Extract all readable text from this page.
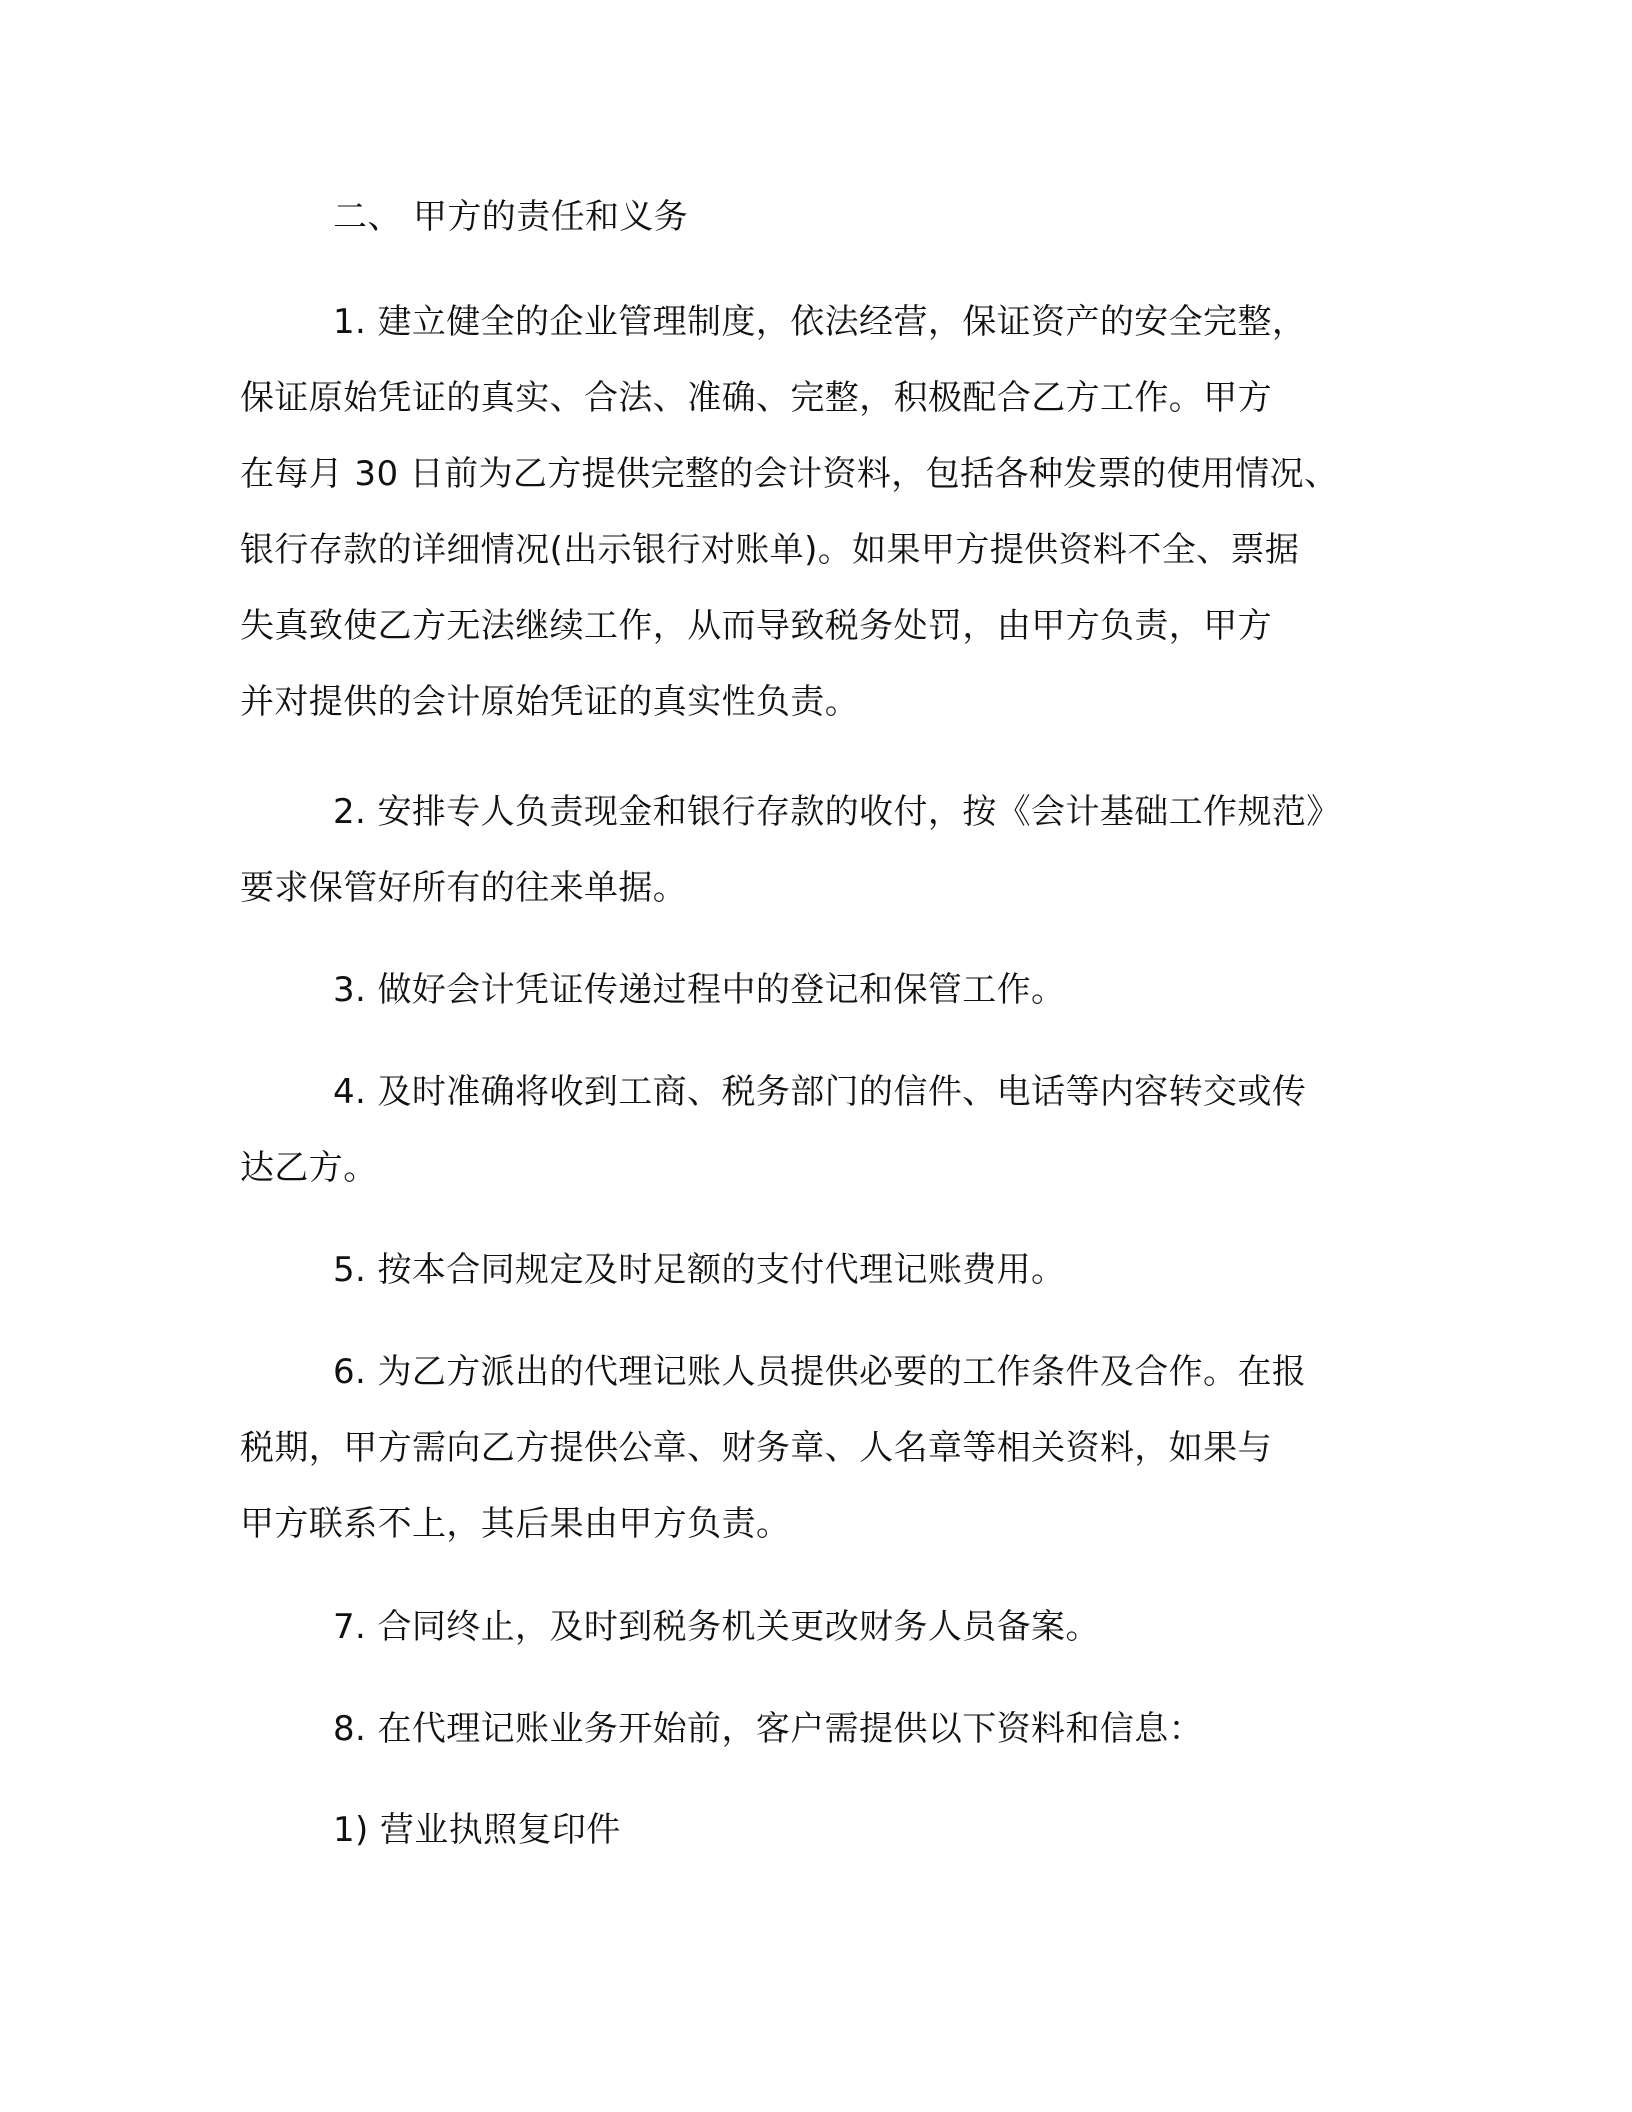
二、 甲方的责任和义务

1. 建立健全的企业管理制度，依法经营，保证资产的安全完整，

保证原始凭证的真实、合法、准确、完整，积极配合乙方工作。甲方

在每月 30 日前为乙方提供完整的会计资料，包括各种发票的使用情况、

银行存款的详细情况(出示银行对账单)。如果甲方提供资料不全、票据

失真致使乙方无法继续工作，从而导致税务处罚，由甲方负责，甲方

并对提供的会计原始凭证的真实性负责。

2. 安排专人负责现金和银行存款的收付，按《会计基础工作规范》

要求保管好所有的往来单据。

3. 做好会计凭证传递过程中的登记和保管工作。

4. 及时准确将收到工商、税务部门的信件、电话等内容转交或传

达乙方。

5. 按本合同规定及时足额的支付代理记账费用。

6. 为乙方派出的代理记账人员提供必要的工作条件及合作。在报

税期，甲方需向乙方提供公章、财务章、人名章等相关资料，如果与

甲方联系不上，其后果由甲方负责。

7. 合同终止，及时到税务机关更改财务人员备案。

8. 在代理记账业务开始前，客户需提供以下资料和信息：

1) 营业执照复印件
